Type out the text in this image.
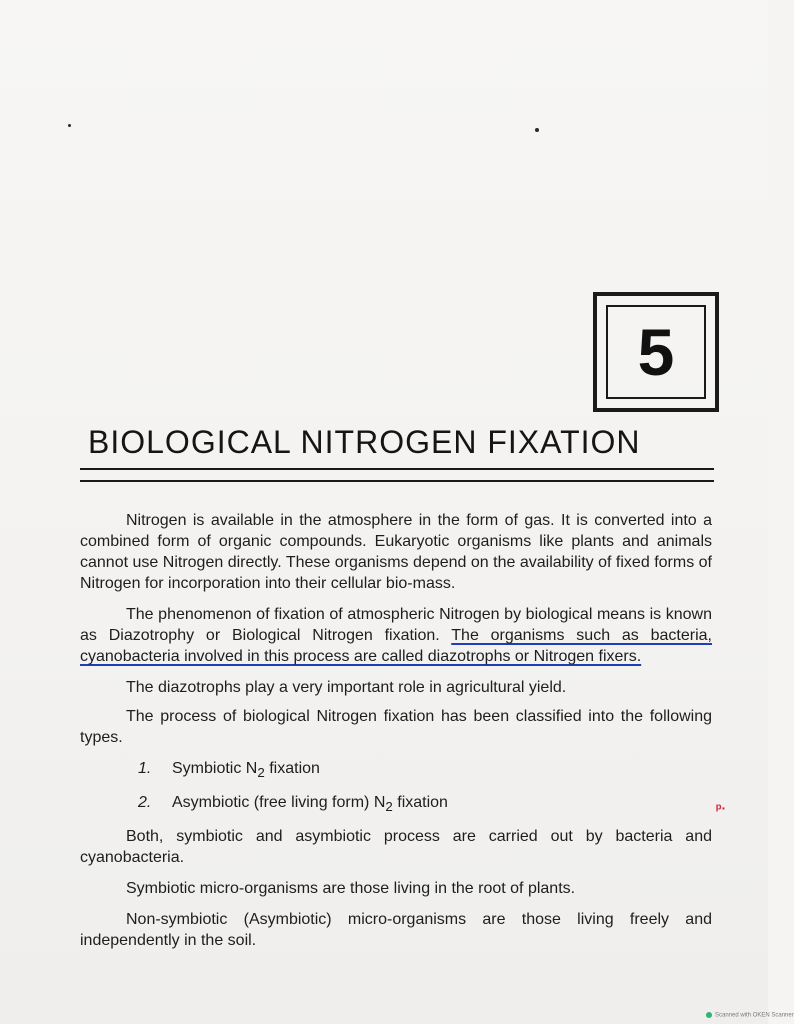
5
BIOLOGICAL NITROGEN FIXATION

Nitrogen is available in the atmosphere in the form of gas. It is converted into a combined form of organic compounds. Eukaryotic organisms like plants and animals cannot use Nitrogen directly. These organisms depend on the availability of fixed forms of Nitrogen for incorporation into their cellular bio-mass.

The phenomenon of fixation of atmospheric Nitrogen by biological means is known as Diazotrophy or Biological Nitrogen fixation. The organisms such as bacteria, cyanobacteria involved in this process are called diazotrophs or Nitrogen fixers.

The diazotrophs play a very important role in agricultural yield.

The process of biological Nitrogen fixation has been classified into the following types.

1.	Symbiotic $N_2$ fixation
2.	Asymbiotic (free living form) $N_2$ fixation

Both, symbiotic and asymbiotic process are carried out by bacteria and cyanobacteria.

Symbiotic micro-organisms are those living in the root of plants.

Non-symbiotic (Asymbiotic) micro-organisms are those living freely and independently in the soil.

ᵖ·
Scanned with OKEN Scanner
